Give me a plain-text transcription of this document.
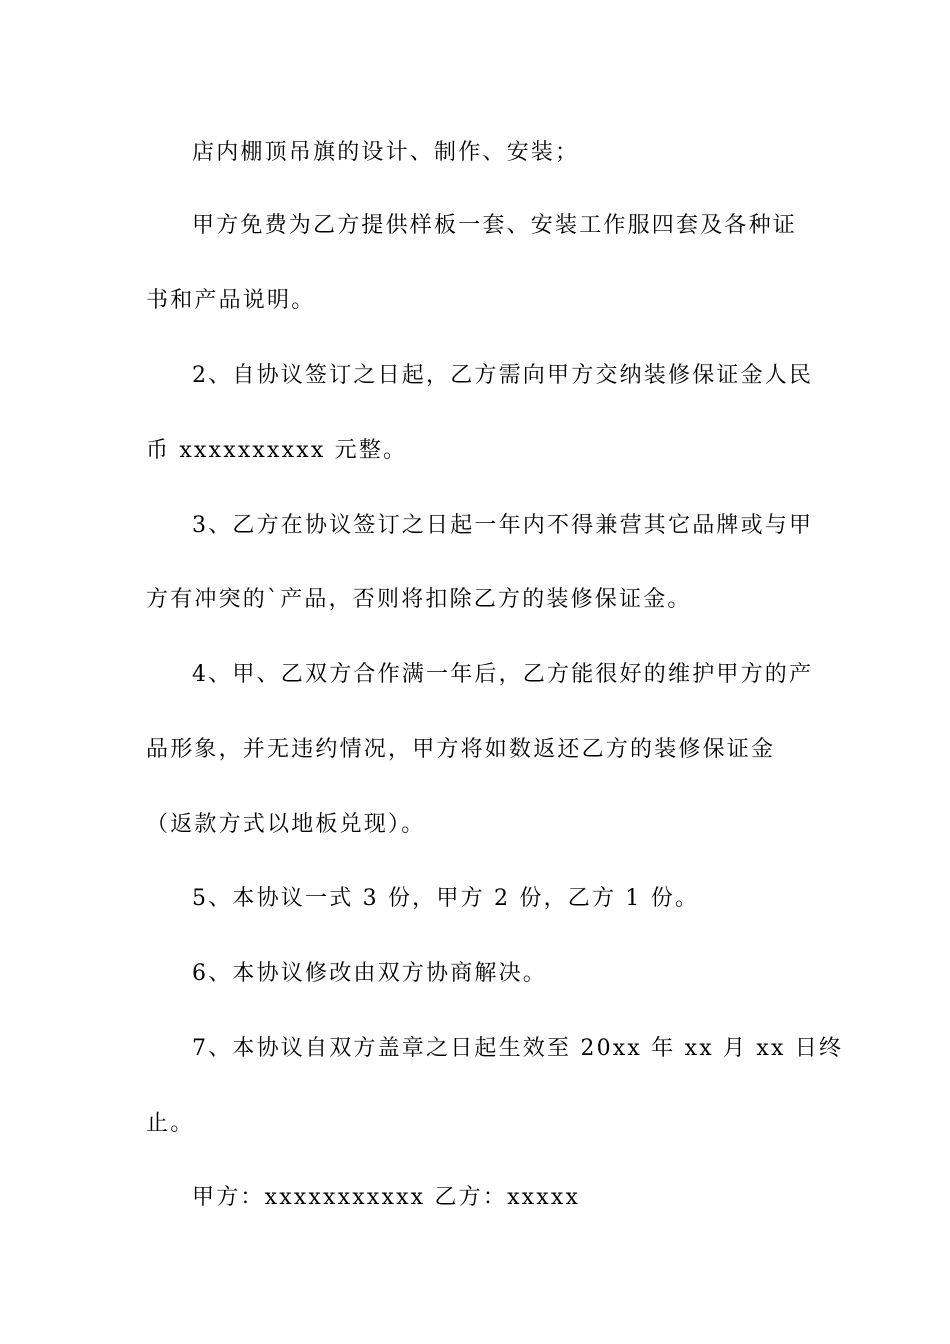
店内棚顶吊旗的设计、制作、安装；
甲方免费为乙方提供样板一套、安装工作服四套及各种证
书和产品说明。
2、自协议签订之日起，乙方需向甲方交纳装修保证金人民
币 xxxxxxxxxx 元整。
3、乙方在协议签订之日起一年内不得兼营其它品牌或与甲
方有冲突的`产品，否则将扣除乙方的装修保证金。
4、甲、乙双方合作满一年后，乙方能很好的维护甲方的产
品形象，并无违约情况，甲方将如数返还乙方的装修保证金
（返款方式以地板兑现）。
5、本协议一式 3 份，甲方 2 份，乙方 1 份。
6、本协议修改由双方协商解决。
7、本协议自双方盖章之日起生效至 20xx 年 xx 月 xx 日终
止。
甲方：xxxxxxxxxxx 乙方：xxxxx
